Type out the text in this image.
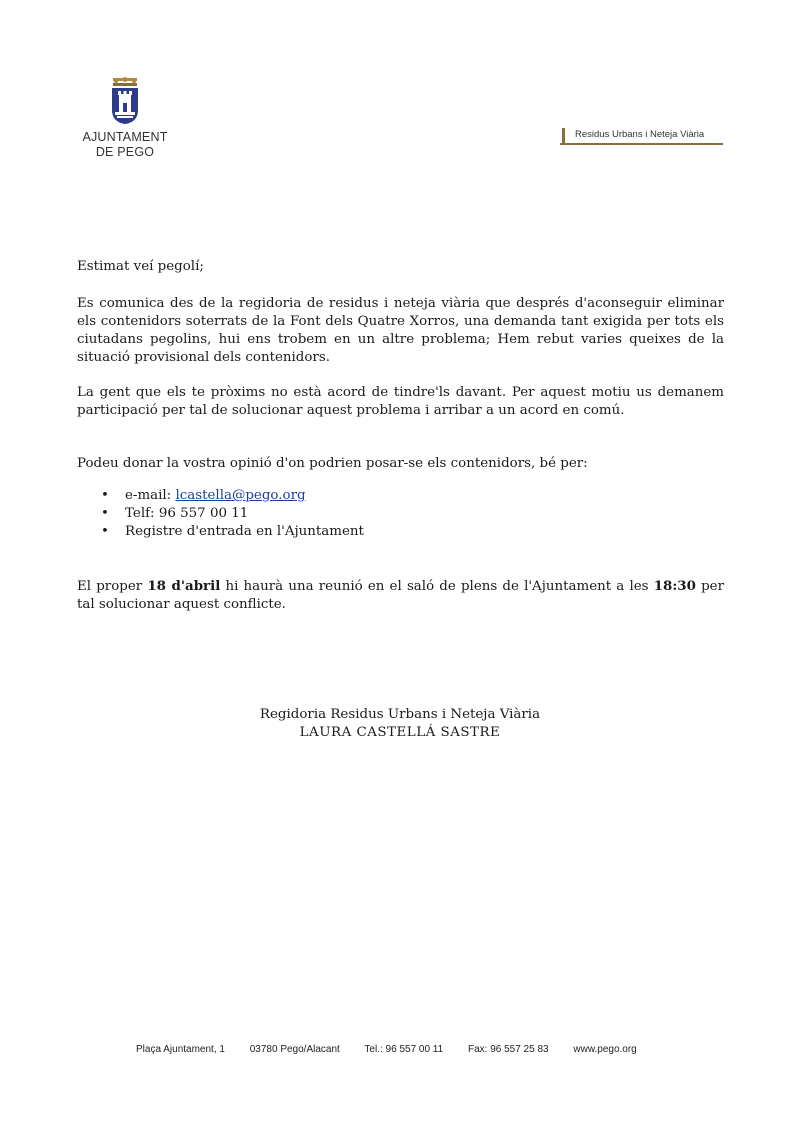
AJUNTAMENT
DE PEGO
Residus Urbans i Neteja Viària

Estimat veí pegolí;

Es comunica des de la regidoria de residus i neteja viària que després d'aconseguir eliminar els contenidors soterrats de la Font dels Quatre Xorros, una demanda tant exigida per tots els ciutadans pegolins, hui ens trobem en un altre problema; Hem rebut varies queixes de la situació provisional dels contenidors.

La gent que els te pròxims no està acord de tindre'ls davant. Per aquest motiu us demanem participació per tal de solucionar aquest problema i arribar a un acord en comú.

Podeu donar la vostra opinió d'on podrien posar-se els contenidors, bé per:

• e-mail: lcastella@pego.org
• Telf: 96 557 00 11
• Registre d'entrada en l'Ajuntament

El proper 18 d'abril hi haurà una reunió en el saló de plens de l'Ajuntament a les 18:30 per tal solucionar aquest conflicte.

Regidoria Residus Urbans i Neteja Viària
LAURA CASTELLÁ SASTRE
Plaça Ajuntament, 1 03780 Pego/Alacant Tel.: 96 557 00 11 Fax: 96 557 25 83 www.pego.org
